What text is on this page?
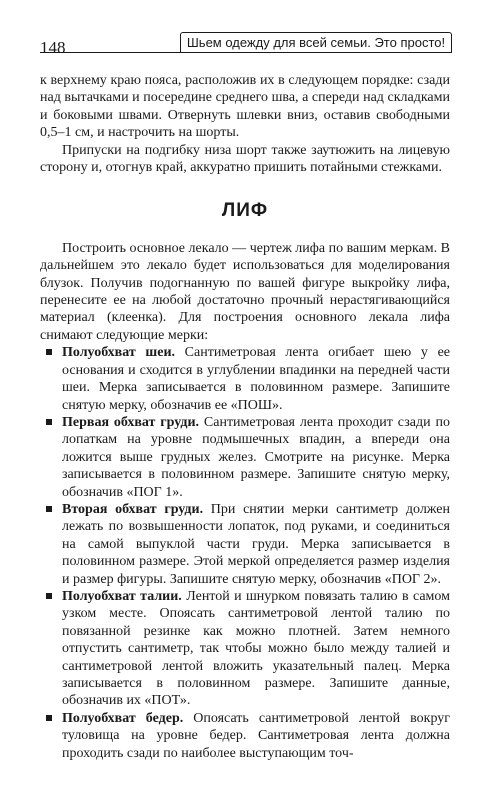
148	Шьем одежду для всей семьи. Это просто!

к верхнему краю пояса, расположив их в следующем порядке: сзади над вытачками и посередине среднего шва, а спереди над складками и боковыми швами. Отвернуть шлевки вниз, оставив свободными 0,5–1 см, и настрочить на шорты.

Припуски на подгибку низа шорт также заутюжить на лицевую сторону и, отогнув край, аккуратно пришить потайными стежками.

ЛИФ

Построить основное лекало — чертеж лифа по вашим меркам. В дальнейшем это лекало будет использоваться для моделирования блузок. Получив подогнанную по вашей фигуре выкройку лифа, перенесите ее на любой достаточно прочный нерастягивающийся материал (клеенка). Для построения основного лекала лифа снимают следующие мерки:

Полуобхват шеи. Сантиметровая лента огибает шею у ее основания и сходится в углублении впадинки на передней части шеи. Мерка записывается в половинном размере. Запишите снятую мерку, обозначив ее «ПОШ».
Первая обхват груди. Сантиметровая лента проходит сзади по лопаткам на уровне подмышечных впадин, а впереди она ложится выше грудных желез. Смотрите на рисунке. Мерка записывается в половинном размере. Запишите снятую мерку, обозначив «ПОГ 1».
Вторая обхват груди. При снятии мерки сантиметр должен лежать по возвышенности лопаток, под руками, и соединиться на самой выпуклой части груди. Мерка записывается в половинном размере. Этой меркой определяется размер изделия и размер фигуры. Запишите снятую мерку, обозначив «ПОГ 2».
Полуобхват талии. Лентой и шнурком повязать талию в самом узком месте. Опоясать сантиметровой лентой талию по повязанной резинке как можно плотней. Затем немного отпустить сантиметр, так чтобы можно было между талией и сантиметровой лентой вложить указательный палец. Мерка записывается в половинном размере. Запишите данные, обозначив их «ПОТ».
Полуобхват бедер. Опоясать сантиметровой лентой вокруг туловища на уровне бедер. Сантиметровая лента должна проходить сзади по наиболее выступающим точ-
